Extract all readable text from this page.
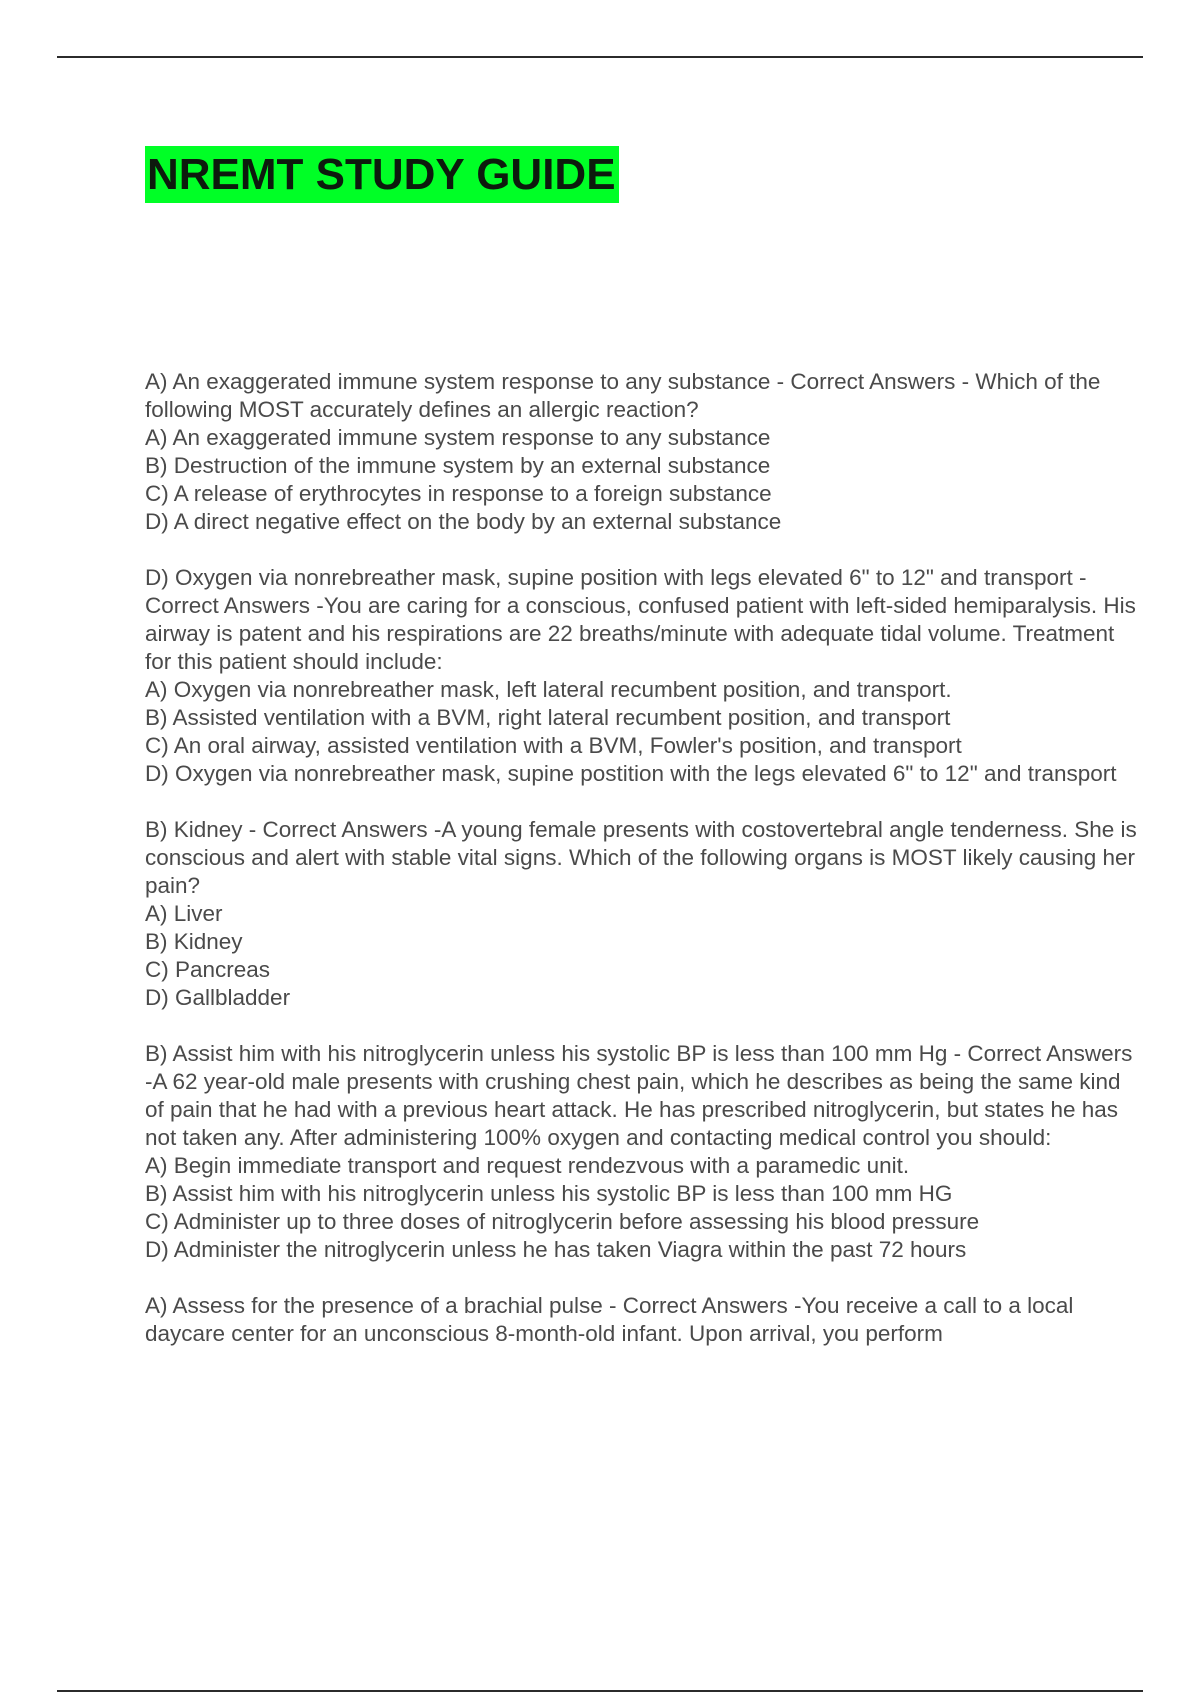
NREMT STUDY GUIDE

A) An exaggerated immune system response to any substance - Correct Answers - Which of the following MOST accurately defines an allergic reaction?

A) An exaggerated immune system response to any substance
B) Destruction of the immune system by an external substance
C) A release of erythrocytes in response to a foreign substance
D) A direct negative effect on the body by an external substance

D) Oxygen via nonrebreather mask, supine position with legs elevated 6" to 12" and transport - Correct Answers -You are caring for a conscious, confused patient with left-sided hemiparalysis. His airway is patent and his respirations are 22 breaths/minute with adequate tidal volume. Treatment for this patient should include:

A) Oxygen via nonrebreather mask, left lateral recumbent position, and transport.
B) Assisted ventilation with a BVM, right lateral recumbent position, and transport
C) An oral airway, assisted ventilation with a BVM, Fowler's position, and transport
D) Oxygen via nonrebreather mask, supine postition with the legs elevated 6" to 12" and transport

B) Kidney - Correct Answers -A young female presents with costovertebral angle tenderness. She is conscious and alert with stable vital signs. Which of the following organs is MOST likely causing her pain?

A) Liver
B) Kidney
C) Pancreas
D) Gallbladder

B) Assist him with his nitroglycerin unless his systolic BP is less than 100 mm Hg - Correct Answers -A 62 year-old male presents with crushing chest pain, which he describes as being the same kind of pain that he had with a previous heart attack. He has prescribed nitroglycerin, but states he has not taken any. After administering 100% oxygen and contacting medical control you should:

A) Begin immediate transport and request rendezvous with a paramedic unit.
B) Assist him with his nitroglycerin unless his systolic BP is less than 100 mm HG
C) Administer up to three doses of nitroglycerin before assessing his blood pressure
D) Administer the nitroglycerin unless he has taken Viagra within the past 72 hours

A) Assess for the presence of a brachial pulse - Correct Answers -You receive a call to a local daycare center for an unconscious 8-month-old infant. Upon arrival, you perform
